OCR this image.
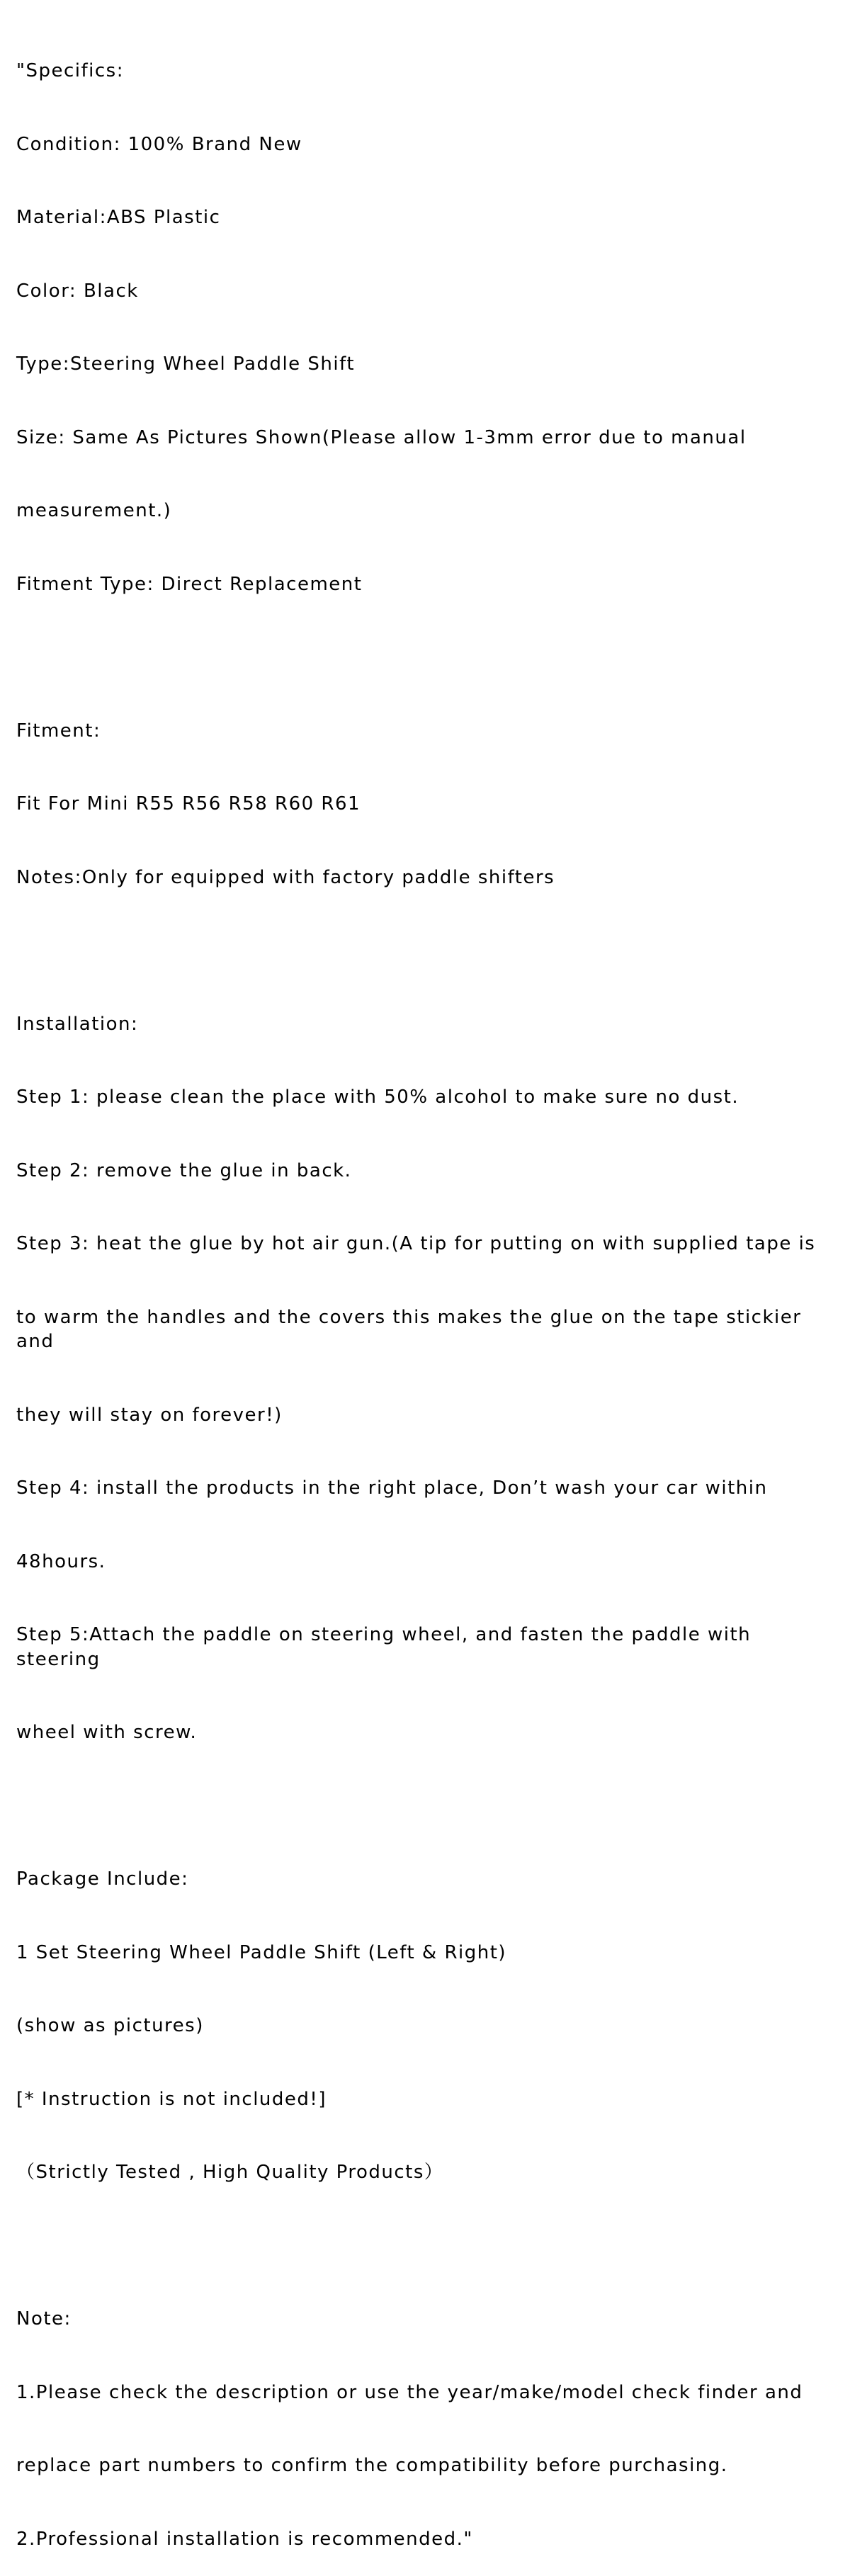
"Specifics:

Condition: 100% Brand New

Material:ABS Plastic

Color: Black

Type:Steering Wheel Paddle Shift

Size: Same As Pictures Shown(Please allow 1-3mm error due to manual

measurement.)

Fitment Type: Direct Replacement

Fitment:

Fit For Mini R55 R56 R58 R60 R61

Notes:Only for equipped with factory paddle shifters

Installation:

Step 1: please clean the place with 50% alcohol to make sure no dust.

Step 2: remove the glue in back.

Step 3: heat the glue by hot air gun.(A tip for putting on with supplied tape is

to warm the handles and the covers this makes the glue on the tape stickier and

they will stay on forever!)

Step 4: install the products in the right place, Don’t wash your car within

48hours.

Step 5:Attach the paddle on steering wheel, and fasten the paddle with steering

wheel with screw.

Package Include:

1 Set Steering Wheel Paddle Shift (Left & Right)

(show as pictures)

[* Instruction is not included!]

（Strictly Tested , High Quality Products）

Note:

1.Please check the description or use the year/make/model check finder and

replace part numbers to confirm the compatibility before purchasing.

2.Professional installation is recommended."
